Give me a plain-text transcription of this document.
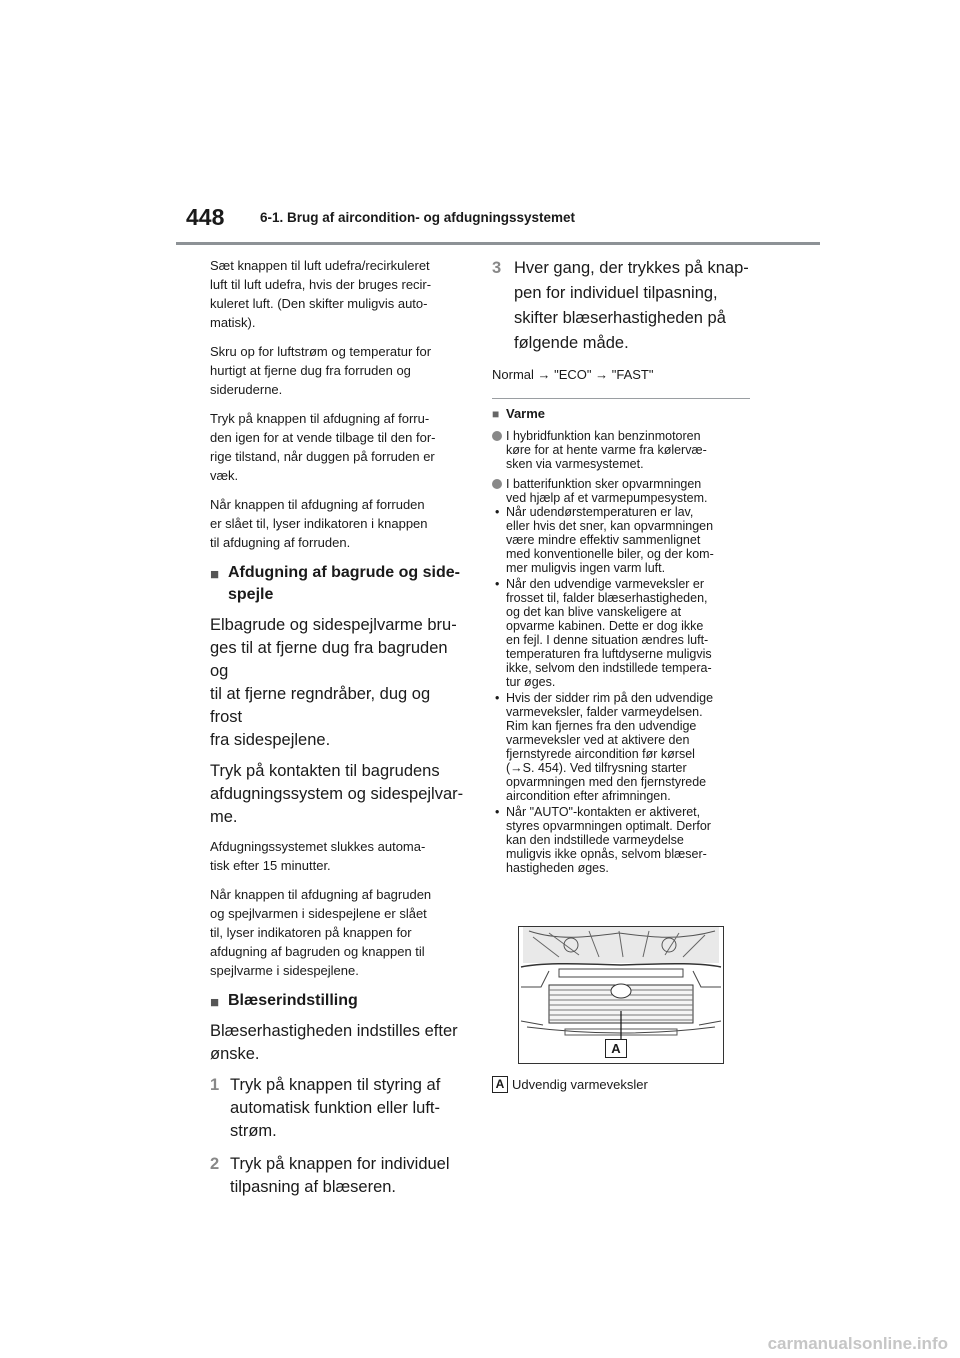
448	6-1. Brug af aircondition- og afdugningssystemet

Sæt knappen til luft udefra/recirkuleret
luft til luft udefra, hvis der bruges recir-
kuleret luft. (Den skifter muligvis auto-
matisk).

Skru op for luftstrøm og temperatur for
hurtigt at fjerne dug fra forruden og
sideruderne.

Tryk på knappen til afdugning af forru-
den igen for at vende tilbage til den for-
rige tilstand, når duggen på forruden er
væk.

Når knappen til afdugning af forruden
er slået til, lyser indikatoren i knappen
til afdugning af forruden.

■ Afdugning af bagrude og side-
spejle

Elbagrude og sidespejlvarme bru-
ges til at fjerne dug fra bagruden og
til at fjerne regndråber, dug og frost
fra sidespejlene.

Tryk på kontakten til bagrudens
afdugningssystem og sidespejlvar-
me.

Afdugningssystemet slukkes automa-
tisk efter 15 minutter.

Når knappen til afdugning af bagruden
og spejlvarmen i sidespejlene er slået
til, lyser indikatoren på knappen for
afdugning af bagruden og knappen til
spejlvarme i sidespejlene.

■ Blæserindstilling

Blæserhastigheden indstilles efter
ønske.

1 Tryk på knappen til styring af
automatisk funktion eller luft-
strøm.
2 Tryk på knappen for individuel
tilpasning af blæseren.
3 Hver gang, der trykkes på knap-
pen for individuel tilpasning,
skifter blæserhastigheden på
følgende måde.

Normal → "ECO" → "FAST"

■ Varme
I hybridfunktion kan benzinmotoren
køre for at hente varme fra kølervæ-
sken via varmesystemet.
I batterifunktion sker opvarmningen
ved hjælp af et varmepumpesystem.
• Når udendørstemperaturen er lav,
eller hvis det sner, kan opvarmningen
være mindre effektiv sammenlignet
med konventionelle biler, og der kom-
mer muligvis ingen varm luft.
• Når den udvendige varmeveksler er
frosset til, falder blæserhastigheden,
og det kan blive vanskeligere at
opvarme kabinen. Dette er dog ikke
en fejl. I denne situation ændres luft-
temperaturen fra luftdyserne muligvis
ikke, selvom den indstillede tempera-
tur øges.
• Hvis der sidder rim på den udvendige
varmeveksler, falder varmeydelsen.
Rim kan fjernes fra den udvendige
varmeveksler ved at aktivere den
fjernstyrede aircondition før kørsel
(→S. 454). Ved tilfrysning starter
opvarmningen med den fjernstyrede
aircondition efter afrimningen.
• Når "AUTO"-kontakten er aktiveret,
styres opvarmningen optimalt. Derfor
kan den indstillede varmeydelse
muligvis ikke opnås, selvom blæser-
hastigheden øges.
A
A Udvendig varmeveksler
carmanualsonline.info
